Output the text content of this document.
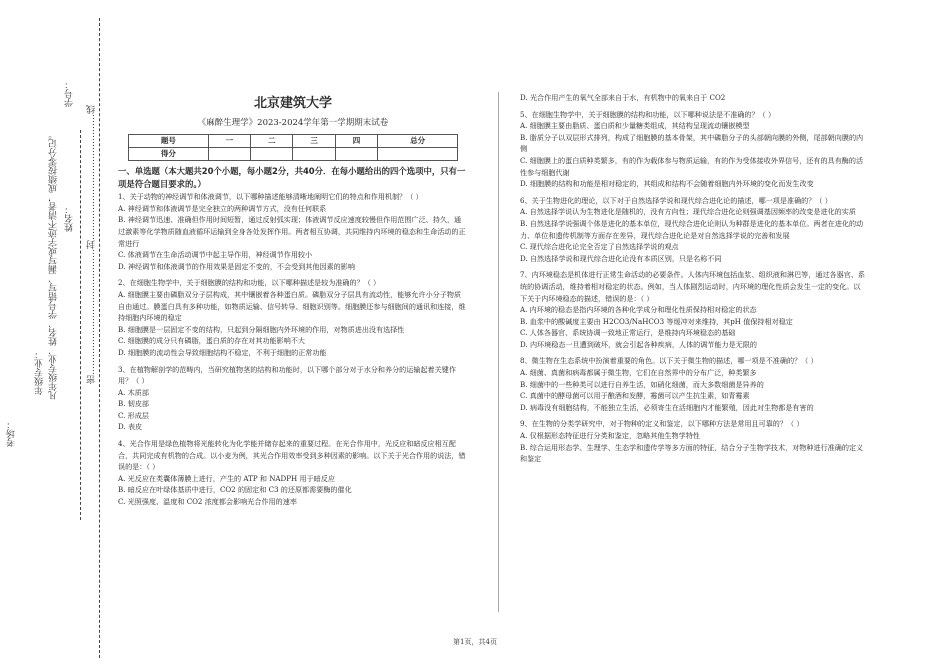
学号：
姓名：
年级专业：
考场：
凡年级专业、姓名、学号错写、漏写或字迹不清者，成绩按零分记。	密……………………………………封……………………………………线
北京建筑大学
《麻醉生理学》2023-2024学年第一学期期末试卷
题号	一	二	三	四	总分
得分					
一、单选题（本大题共20个小题，每小题2分，共40分．在每小题给出的四个选项中，只有一项是符合题目要求的。）

1、关于动物的神经调节和体液调节，以下哪种描述能够清晰地阐明它们的特点和作用机制？（ ）

A. 神经调节和体液调节是完全独立的两种调节方式，没有任何联系

B. 神经调节迅速、准确但作用时间短暂，通过反射弧实现；体液调节反应速度较慢但作用范围广泛、持久，通过激素等化学物质随血液循环运输到全身各处发挥作用。两者相互协调，共同维持内环境的稳态和生命活动的正常进行

C. 体液调节在生命活动调节中起主导作用，神经调节作用较小

D. 神经调节和体液调节的作用效果是固定不变的，不会受到其他因素的影响

2、在细胞生物学中，关于细胞膜的结构和功能，以下哪种描述是较为准确的？（ ）

A. 细胞膜主要由磷脂双分子层构成，其中镶嵌着各种蛋白质。磷脂双分子层具有流动性，能够允许小分子物质自由通过。膜蛋白具有多种功能，如物质运输、信号转导、细胞识别等。细胞膜还参与细胞间的通讯和连接，维持细胞内环境的稳定

B. 细胞膜是一层固定不变的结构，只起到分隔细胞内外环境的作用，对物质进出没有选择性

C. 细胞膜的成分只有磷脂，蛋白质的存在对其功能影响不大

D. 细胞膜的流动性会导致细胞结构不稳定，不利于细胞的正常功能

3、在植物解剖学的范畴内，当研究植物茎的结构和功能时，以下哪个部分对于水分和养分的运输起着关键作用？（ ）

A. 木质部

B. 韧皮部

C. 形成层

D. 表皮

4、光合作用是绿色植物将光能转化为化学能并储存起来的重要过程。在光合作用中，光反应和暗反应相互配合，共同完成有机物的合成。以小麦为例，其光合作用效率受到多种因素的影响。以下关于光合作用的说法，错误的是：（ ）

A. 光反应在类囊体薄膜上进行，产生的 ATP 和 NADPH 用于暗反应

B. 暗反应在叶绿体基质中进行，CO2 的固定和 C3 的还原都需要酶的催化

C. 光照强度、温度和 CO2 浓度都会影响光合作用的速率

D. 光合作用产生的氧气全部来自于水，有机物中的氧来自于 CO2

5、在细胞生物学中，关于细胞膜的结构和功能，以下哪种说法是不准确的？（ ）

A. 细胞膜主要由脂质、蛋白质和少量糖类组成，其结构呈现流动镶嵌模型

B. 脂质分子以双层形式排列，构成了细胞膜的基本骨架，其中磷脂分子的头部朝向膜的外侧，尾部朝向膜的内侧

C. 细胞膜上的蛋白质种类繁多，有的作为载体参与物质运输，有的作为受体接收外界信号，还有的具有酶的活性参与细胞代谢

D. 细胞膜的结构和功能是相对稳定的，其组成和结构不会随着细胞内外环境的变化而发生改变

6、关于生物进化的理论，以下对于自然选择学说和现代综合进化论的描述，哪一项是准确的？（ ）

A. 自然选择学说认为生物进化是随机的，没有方向性；现代综合进化论则强调基因频率的改变是进化的实质

B. 自然选择学说强调个体是进化的基本单位，现代综合进化论则认为种群是进化的基本单位。两者在进化的动力、单位和遗传机制等方面存在差异，现代综合进化论是对自然选择学说的完善和发展

C. 现代综合进化论完全否定了自然选择学说的观点

D. 自然选择学说和现代综合进化论没有本质区别，只是名称不同

7、内环境稳态是机体进行正常生命活动的必要条件。人体内环境包括血浆、组织液和淋巴等，通过各器官、系统的协调活动，维持着相对稳定的状态。例如，当人体剧烈运动时，内环境的理化性质会发生一定的变化。以下关于内环境稳态的描述，错误的是：（ ）

A. 内环境的稳态是指内环境的各种化学成分和理化性质保持相对稳定的状态

B. 血浆中的酸碱度主要由 H2CO3/NaHCO3 等缓冲对来维持，其pH 值保持相对稳定

C. 人体各器官、系统协调一致地正常运行，是维持内环境稳态的基础

D. 内环境稳态一旦遭到破坏，就会引起各种疾病，人体的调节能力是无限的

8、微生物在生态系统中扮演着重要的角色。以下关于微生物的描述，哪一项是不准确的？（ ）

A. 细菌、真菌和病毒都属于微生物，它们在自然界中的分布广泛，种类繁多

B. 细菌中的一些种类可以进行自养生活，如硝化细菌，而大多数细菌是异养的

C. 真菌中的酵母菌可以用于酿酒和发酵，霉菌可以产生抗生素，如青霉素

D. 病毒没有细胞结构，不能独立生活，必须寄生在活细胞内才能繁殖，因此对生物都是有害的

9、在生物的分类学研究中，对于物种的定义和鉴定，以下哪种方法是常用且可靠的？（ ）

A. 仅根据形态特征进行分类和鉴定，忽略其他生物学特性

B. 综合运用形态学、生理学、生态学和遗传学等多方面的特征，结合分子生物学技术，对物种进行准确的定义和鉴定

第1页，共4页
